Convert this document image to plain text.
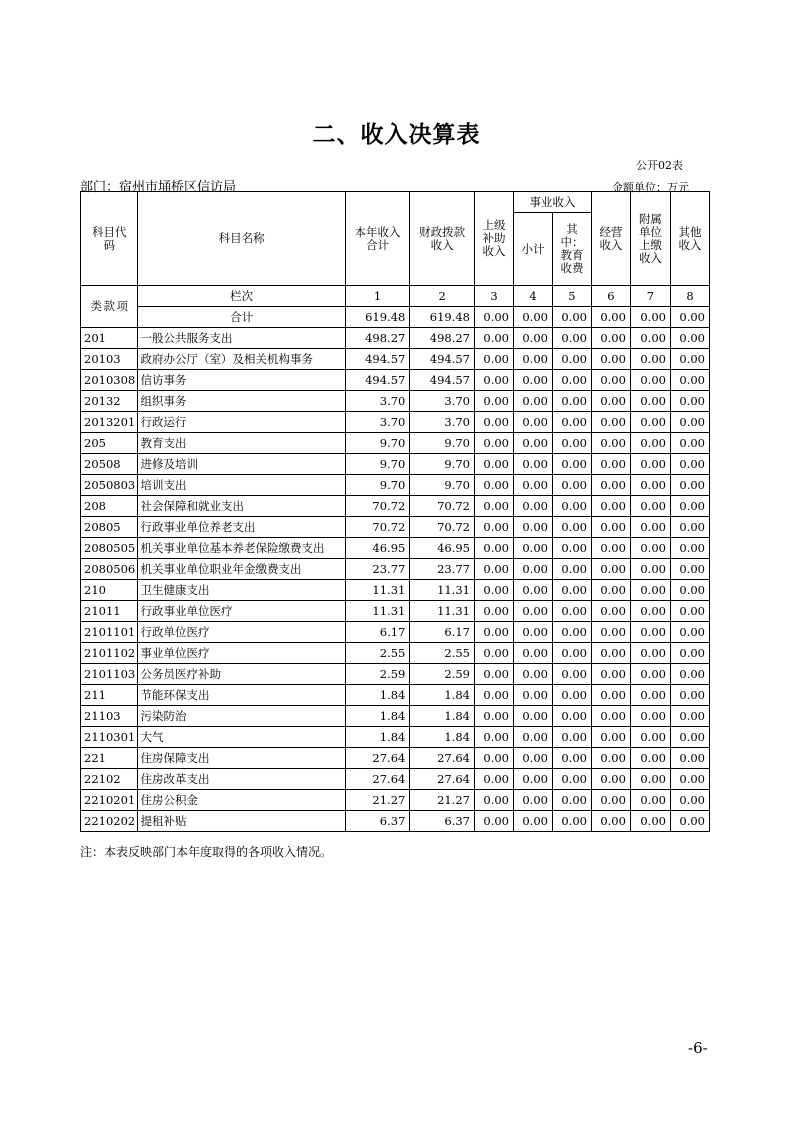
二、收入决算表
公开02表
部门：宿州市埇桥区信访局	金额单位：万元
科目代码	科目名称	本年收入合计	财政拨款收入	上级补助收入	事业收入		经营收入	附属单位上缴收入	其他收入
					小计	其中：教育收费			
类 款 项	栏次	1	2	3	4	5	6	7	8
	合计	619.48	619.48	0.00	0.00	0.00	0.00	0.00	0.00
201	一般公共服务支出	498.27	498.27	0.00	0.00	0.00	0.00	0.00	0.00
20103	政府办公厅（室）及相关机构事务	494.57	494.57	0.00	0.00	0.00	0.00	0.00	0.00
2010308	信访事务	494.57	494.57	0.00	0.00	0.00	0.00	0.00	0.00
20132	组织事务	3.70	3.70	0.00	0.00	0.00	0.00	0.00	0.00
2013201	行政运行	3.70	3.70	0.00	0.00	0.00	0.00	0.00	0.00
205	教育支出	9.70	9.70	0.00	0.00	0.00	0.00	0.00	0.00
20508	进修及培训	9.70	9.70	0.00	0.00	0.00	0.00	0.00	0.00
2050803	培训支出	9.70	9.70	0.00	0.00	0.00	0.00	0.00	0.00
208	社会保障和就业支出	70.72	70.72	0.00	0.00	0.00	0.00	0.00	0.00
20805	行政事业单位养老支出	70.72	70.72	0.00	0.00	0.00	0.00	0.00	0.00
2080505	机关事业单位基本养老保险缴费支出	46.95	46.95	0.00	0.00	0.00	0.00	0.00	0.00
2080506	机关事业单位职业年金缴费支出	23.77	23.77	0.00	0.00	0.00	0.00	0.00	0.00
210	卫生健康支出	11.31	11.31	0.00	0.00	0.00	0.00	0.00	0.00
21011	行政事业单位医疗	11.31	11.31	0.00	0.00	0.00	0.00	0.00	0.00
2101101	行政单位医疗	6.17	6.17	0.00	0.00	0.00	0.00	0.00	0.00
2101102	事业单位医疗	2.55	2.55	0.00	0.00	0.00	0.00	0.00	0.00
2101103	公务员医疗补助	2.59	2.59	0.00	0.00	0.00	0.00	0.00	0.00
211	节能环保支出	1.84	1.84	0.00	0.00	0.00	0.00	0.00	0.00
21103	污染防治	1.84	1.84	0.00	0.00	0.00	0.00	0.00	0.00
2110301	大气	1.84	1.84	0.00	0.00	0.00	0.00	0.00	0.00
221	住房保障支出	27.64	27.64	0.00	0.00	0.00	0.00	0.00	0.00
22102	住房改革支出	27.64	27.64	0.00	0.00	0.00	0.00	0.00	0.00
2210201	住房公积金	21.27	21.27	0.00	0.00	0.00	0.00	0.00	0.00
2210202	提租补贴	6.37	6.37	0.00	0.00	0.00	0.00	0.00	0.00
注：本表反映部门本年度取得的各项收入情况。
-6-
